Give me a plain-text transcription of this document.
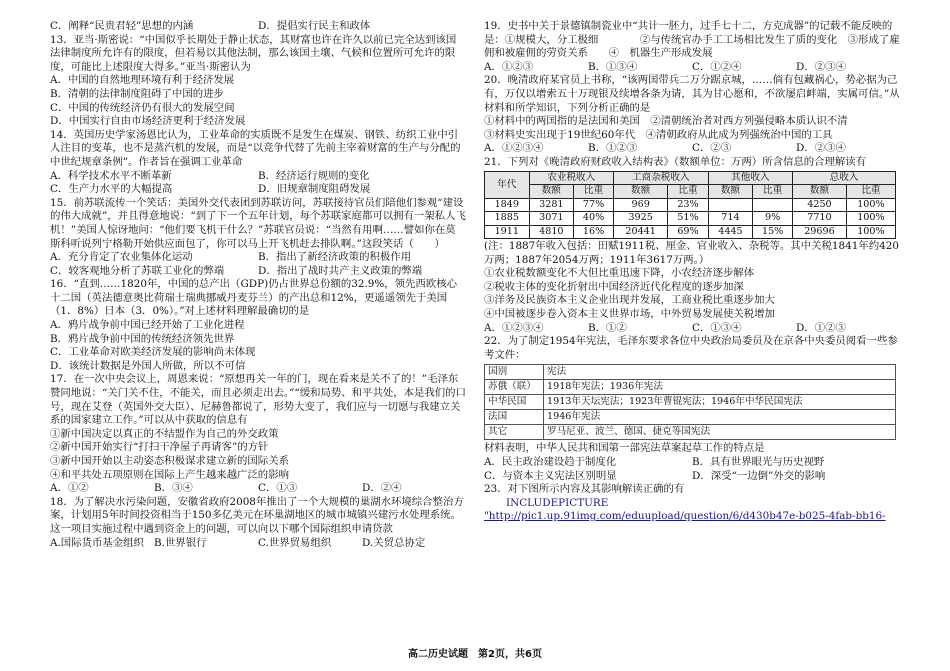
C．阐释“民贵君轻”思想的内涵	D．提倡实行民主和政体

13．亚当·斯密说：“中国似乎长期处于静止状态，其财富也许在许久以前已完全达到该国法律制度所允许有的限度，但若易以其他法制，那么该国土壤、气候和位置所可允许的限度，可能比上述限度大得多。”亚当·斯密认为

A．中国的自然地理环境有利于经济发展

B．清朝的法律制度阻碍了中国的进步

C．中国的传统经济仍有很大的发展空间

D．中国实行自由市场经济更利于经济发展

14．英国历史学家汤恩比认为，工业革命的实质既不是发生在煤炭、钢铁、纺织工业中引人注目的变革，也不是蒸汽机的发展，而是“以竞争代替了先前主宰着财富的生产与分配的中世纪规章条例”。作者旨在强调工业革命

A．科学技术水平不断革新	B．经济运行规则的变化
C．生产力水平的大幅提高	D．旧规章制度阻碍发展

15．前苏联流传一个笑话：美国外交代表团到苏联访问，苏联接待官员们陪他们参观“建设的伟大成就”，并且得意地说：“到了下一个五年计划，每个苏联家庭都可以拥有一架私人飞机！”美国人惊讶地问：“他们要飞机干什么？”苏联官员说：“当然有用啊……譬如你在莫斯科听说列宁格勒开始供应面包了，你可以马上开飞机赶去排队啊。”这段笑话（　　）

A．充分肯定了农业集体化运动	B．指出了新经济政策的积极作用
C．较客观地分析了苏联工业化的弊端	D．指出了战时共产主义政策的弊端

16．“直到……1820年，中国的总产出（GDP)仍占世界总份额的32.9%，领先西欧核心十二国（英法德意奥比荷瑞士瑞典挪威丹麦芬兰）的产出总和12%，更遥遥领先于美国（1．8%）日本（3．0%）。”对上述材料理解最确切的是

A．鸦片战争前中国已经开始了工业化进程

B．鸦片战争前中国的传统经济领先世界

C．工业革命对欧美经济发展的影响尚未体现

D．该统计数据是外国人所做，所以不可信

17．在一次中央会议上，周恩来说：“原想再关一年的门，现在看来是关不了的！”毛泽东赞同地说：“关门关不住，不能关，而且必须走出去。”“缓和局势、和平共处，本是我们的口号，现在艾登（英国外交大臣）、尼赫鲁都说了，形势大变了，我们应与一切愿与我建立关系的国家建立工作。”可以从中获取的信息有

①新中国决定以真正的不结盟作为自己的外交政策

②新中国开始实行“打扫干净屋子再请客”的方针

③新中国开始以主动姿态积极谋求建立新的国际关系

④和平共处五项原则在国际上产生越来越广泛的影响

A．①②	B．③④	C．①③	D．②④

18．为了解决水污染问题，安徽省政府2008年推出了一个大规模的巢湖水环境综合整治方案，计划用5年时间投资相当于150多亿美元在环巢湖地区的城市城镇兴建污水处理系统。这一项目实施过程中遇到资金上的问题，可以向以下哪个国际组织申请贷款

A.国际货币基金组织 B.世界银行	C.世界贸易组织	D.关贸总协定

19．史书中关于景德镇制瓷业中“共计一胚力，过手七十二，方克成器”的记载不能反映的是：①规模大，分工极细　　　　②与传统官办手工工场相比发生了质的变化　③形成了雇佣和被雇佣的劳资关系　　④　机器生产形成发展

A．①②③	B．①③④	C．①②④	D．②③④

20．晚清政府某官员上书称，“该两国带兵二万分踞京城，……倘有包藏祸心，势必据为己有，万仅以增索五十万现银及续增各条为请，其为甘心愿和，不欲屡启衅端，实属可信。”从材料和所学知识，下列分析正确的是

①材料中的两国指的是法国和美国　②清朝统治者对西方列强侵略本质认识不清

③材料史实出现于19世纪60年代　④清朝政府从此成为列强统治中国的工具

A．①②③④	B．①②③	C．②③	D．②③④

21．下列对《晚清政府财政收入结构表》（数额单位：万两）所含信息的合理解读有

年代	农业税收入		工商杂税收入		其他收入		总收入	
	数额	比重	数额	比重	数额	比重	数额	比重
1849	3281	77%	969	23%			4250	100%
1885	3071	40%	3925	51%	714	9%	7710	100%
1911	4810	16%	20441	69%	4445	15%	29696	100%

(注：1887年收入包括：田赋1911税、厘金、官业收入、杂税等。其中关税1841年约420万两；1887年2054万两；1911年3617万两。）

①农业税数额变化不大但比重迅速下降，小农经济逐步解体

②税收主体的变化折射出中国经济近代化程度的逐步加深

③洋务及民族资本主义企业出现并发展，工商业税比重逐步加大

④中国被逐步卷入资本主义世界市场，中外贸易发展使关税增加

A．①②③④	B．①②	C．①③④	D．①②③

22．为了制定1954年宪法，毛泽东要求各位中央政治局委员及在京各中央委员阅看一些参考文件：

国别	宪法
苏俄（联）	1918年宪法；1936年宪法
中华民国	1913年天坛宪法；1923年曹锟宪法；1946年中华民国宪法
法国	1946年宪法
其它	罗马尼亚、波兰、德国、捷克等国宪法

材料表明，中华人民共和国第一部宪法草案起草工作的特点是

A．民主政治建设趋于制度化	B．具有世界眼光与历史视野
C．与资本主义宪法区别明显	D．深受“一边倒”外交的影响

23．对下图所示内容及其影响解读正确的有

INCLUDEPICTURE
"http://pic1.up.91img.com/eduupload/question/6/d430b47e-b025-4fab-bb16-
高二历史试题　第2页，共6页
